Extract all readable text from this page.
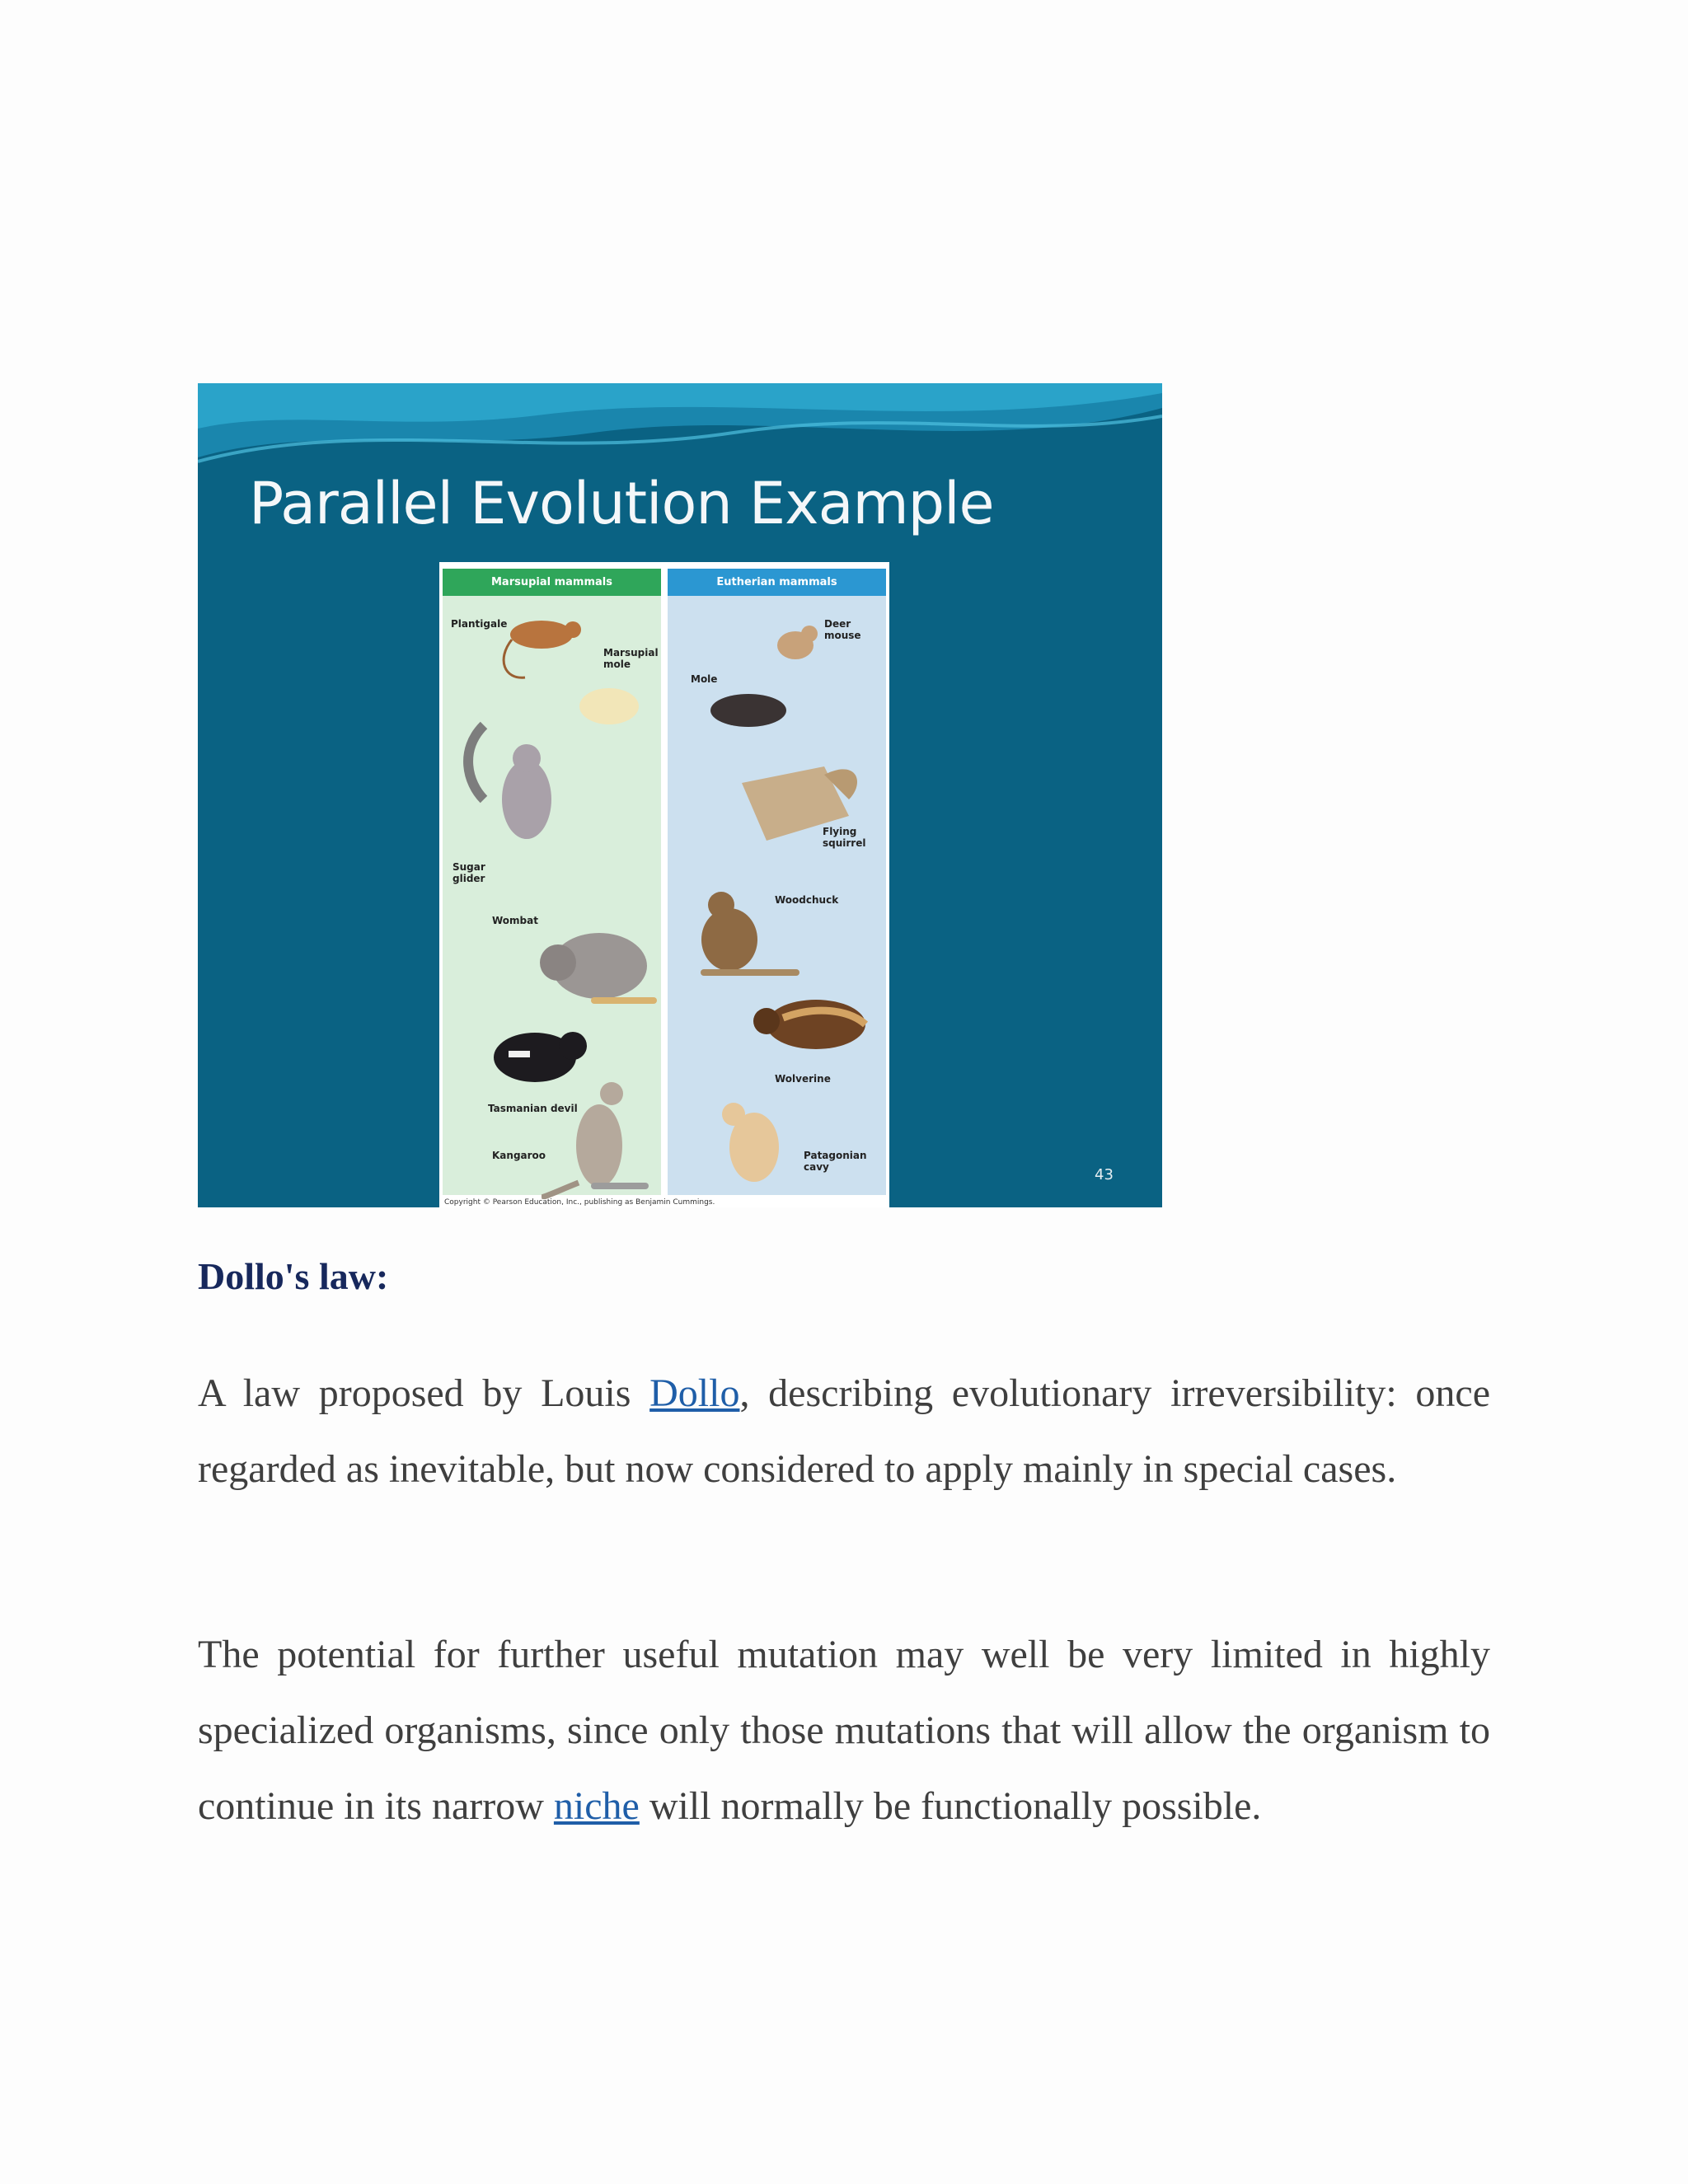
Parallel Evolution Example
Marsupial mammals
Plantigale
Marsupial
mole
Sugar
glider
Wombat
Tasmanian devil
Kangaroo
Eutherian mammals
Deer
mouse
Mole
Flying
squirrel
Woodchuck
Wolverine
Patagonian
cavy
Copyright © Pearson Education, Inc., publishing as Benjamin Cummings.
43
Dollo's law:

A law proposed by Louis Dollo, describing evolutionary irreversibility: once regarded as inevitable, but now considered to apply mainly in special cases.

The potential for further useful mutation may well be very limited in highly specialized organisms, since only those mutations that will allow the organism to continue in its narrow niche will normally be functionally possible.
